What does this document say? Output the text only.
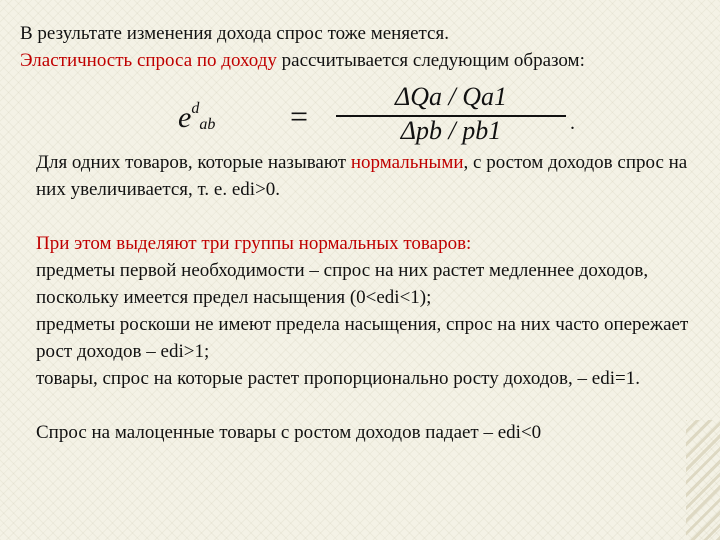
В результате изменения дохода спрос тоже меняется.

Эластичность спроса по доходу рассчитывается следующим образом:

$e^d_{ab}$ =
ΔQa / Qa1
Δpb / pb1	.

Для одних товаров, которые называют нормальными, с ростом доходов спрос на них увеличивается, т. е. edi>0.

При этом выделяют три группы нормальных товаров:

предметы первой необходимости – спрос на них растет медленнее доходов, поскольку имеется предел насыщения (0<edi<1);

предметы роскоши не имеют предела насыщения, спрос на них часто опережает рост доходов – edi>1;

товары, спрос на которые растет пропорционально росту доходов, – edi=1.

Спрос на малоценные товары с ростом доходов падает – edi<0
